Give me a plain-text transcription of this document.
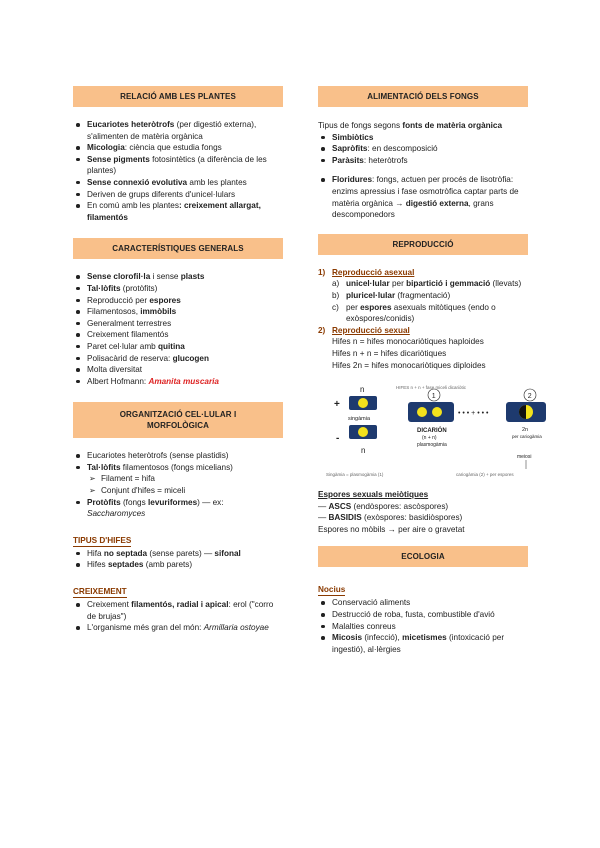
RELACIÓ AMB LES PLANTES
Eucariotes heteròtrofs (per digestió externa), s'alimenten de matèria orgànica
Micologia: ciència que estudia fongs
Sense pigments fotosintètics (a diferència de les plantes)
Sense connexió evolutiva amb les plantes
Deriven de grups diferents d'unicel·lulars
En comú amb les plantes: creixement allargat, filamentós
CARACTERÍSTIQUES GENERALS
Sense clorofil·la i sense plasts
Tal·lòfits (protòfits)
Reproducció per espores
Filamentosos, immòbils
Generalment terrestres
Creixement filamentós
Paret cel·lular amb quitina
Polisacàrid de reserva: glucogen
Molta diversitat
Albert Hofmann: Amanita muscaria
ORGANITZACIÓ CEL·LULAR I
MORFOLÒGICA
Eucariotes heteròtrofs (sense plastidis)
Tal·lòfits filamentosos (fongs micelians)
➢ Filament = hifa
➢ Conjunt d'hifes = miceli
Protòfits (fongs levuriformes) — ex: Saccharomyces
TIPUS D'HIFES
Hifa no septada (sense parets) — sifonal
Hifes septades (amb parets)
CREIXEMENT
Creixement filamentós, radial i apical: erol ("corro de brujas")
L'organisme més gran del món: Armillaria ostoyae
ALIMENTACIÓ DELS FONGS

Tipus de fongs segons fonts de matèria orgànica

Simbiòtics
Sapròfits: en descomposició
Paràsits: heteròtrofs
Floridures: fongs, actuen per procés de lisotròfia: enzims apressius i fase osmotròfica captar parts de matèria orgànica → digestió externa, grans descomponedors
REPRODUCCIÓ
1) Reproducció asexual
a) unicel·lular per bipartició i gemmació (llevats)
b) pluricel·lular (fragmentació)
c) per espores asexuals mitòtiques (endo o exòspores/conidis)
2) Reproducció sexual
Hifes n = hifes monocariòtiques haploides
Hifes n + n = hifes dicariòtiques
Hifes 2n = hifes monocariòtiques diploides
HIFES n + n + fase miceli dicariòtic
n
+
-
singàmia
n
1
• • • + • • •
2
DICARIÓN
(n + n)
plasmogàmia
2n
per cariogàmia
meiosi
Singàmia = plasmogàmia (1)	cariogàmia (2) + per espores
Espores sexuals meiòtiques

— ASCS (endòspores: ascòspores)

— BASIDIS (exòspores: basidiòspores)

Espores no mòbils → per aire o gravetat

ECOLOGIA
Nocius
Conservació aliments
Destrucció de roba, fusta, combustible d'avió
Malalties conreus
Micosis (infecció), micetismes (intoxicació per ingestió), al·lèrgies
